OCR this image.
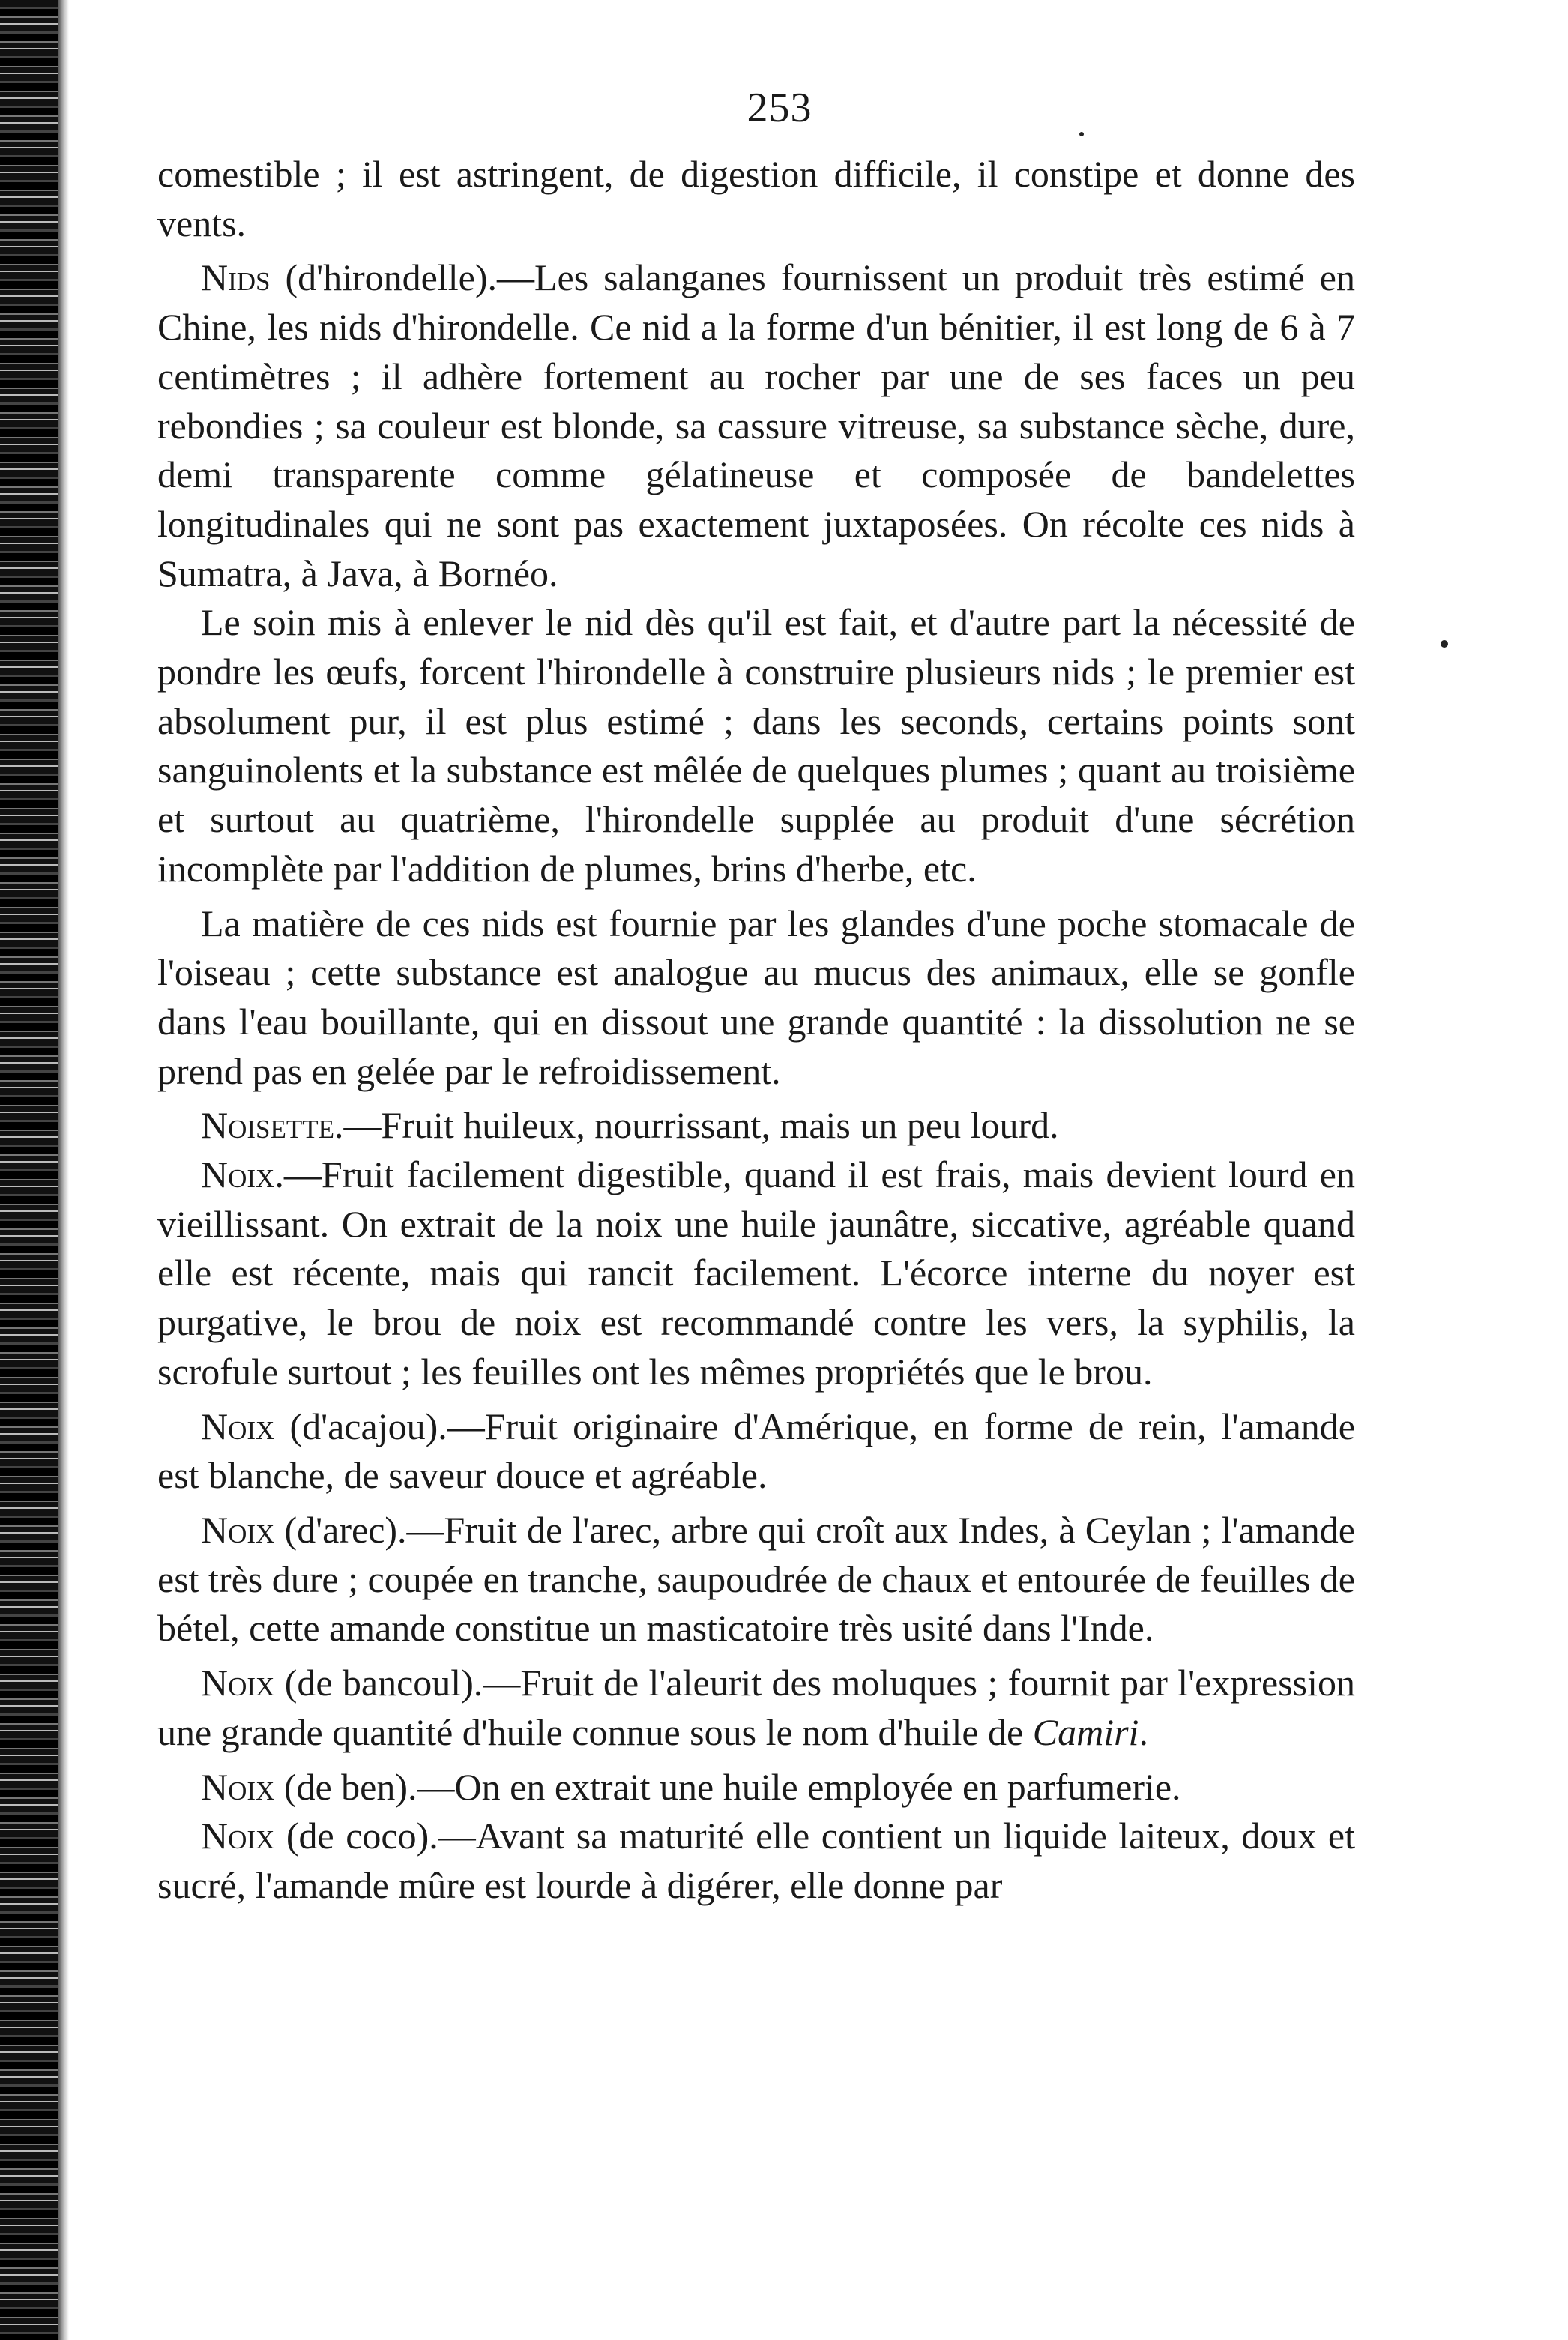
253

comestible ; il est astringent, de digestion difficile, il constipe et donne des vents.

Nids (d'hirondelle).—Les salanganes fournissent un produit très estimé en Chine, les nids d'hirondelle. Ce nid a la forme d'un bénitier, il est long de 6 à 7 centimètres ; il adhère fortement au rocher par une de ses faces un peu rebondies ; sa couleur est blonde, sa cassure vitreuse, sa substance sèche, dure, demi transparente comme gélatineuse et composée de bandelettes longitudinales qui ne sont pas exactement juxtaposées. On récolte ces nids à Sumatra, à Java, à Bornéo.

Le soin mis à enlever le nid dès qu'il est fait, et d'autre part la nécessité de pondre les œufs, forcent l'hirondelle à construire plusieurs nids ; le premier est absolument pur, il est plus estimé ; dans les seconds, certains points sont sanguinolents et la substance est mêlée de quelques plumes ; quant au troisième et surtout au quatrième, l'hirondelle supplée au produit d'une sécrétion incomplète par l'addition de plumes, brins d'herbe, etc.

La matière de ces nids est fournie par les glandes d'une poche stomacale de l'oiseau ; cette substance est analogue au mucus des animaux, elle se gonfle dans l'eau bouillante, qui en dissout une grande quantité : la dissolution ne se prend pas en gelée par le refroidissement.

Noisette.—Fruit huileux, nourrissant, mais un peu lourd.

Noix.—Fruit facilement digestible, quand il est frais, mais devient lourd en vieillissant. On extrait de la noix une huile jaunâtre, siccative, agréable quand elle est récente, mais qui rancit facilement. L'écorce interne du noyer est purgative, le brou de noix est recommandé contre les vers, la syphilis, la scrofule surtout ; les feuilles ont les mêmes propriétés que le brou.

Noix (d'acajou).—Fruit originaire d'Amérique, en forme de rein, l'amande est blanche, de saveur douce et agréable.

Noix (d'arec).—Fruit de l'arec, arbre qui croît aux Indes, à Ceylan ; l'amande est très dure ; coupée en tranche, saupoudrée de chaux et entourée de feuilles de bétel, cette amande constitue un masticatoire très usité dans l'Inde.

Noix (de bancoul).—Fruit de l'aleurit des moluques ; fournit par l'expression une grande quantité d'huile connue sous le nom d'huile de Camiri.

Noix (de ben).—On en extrait une huile employée en parfumerie.

Noix (de coco).—Avant sa maturité elle contient un liquide laiteux, doux et sucré, l'amande mûre est lourde à digérer, elle donne par
